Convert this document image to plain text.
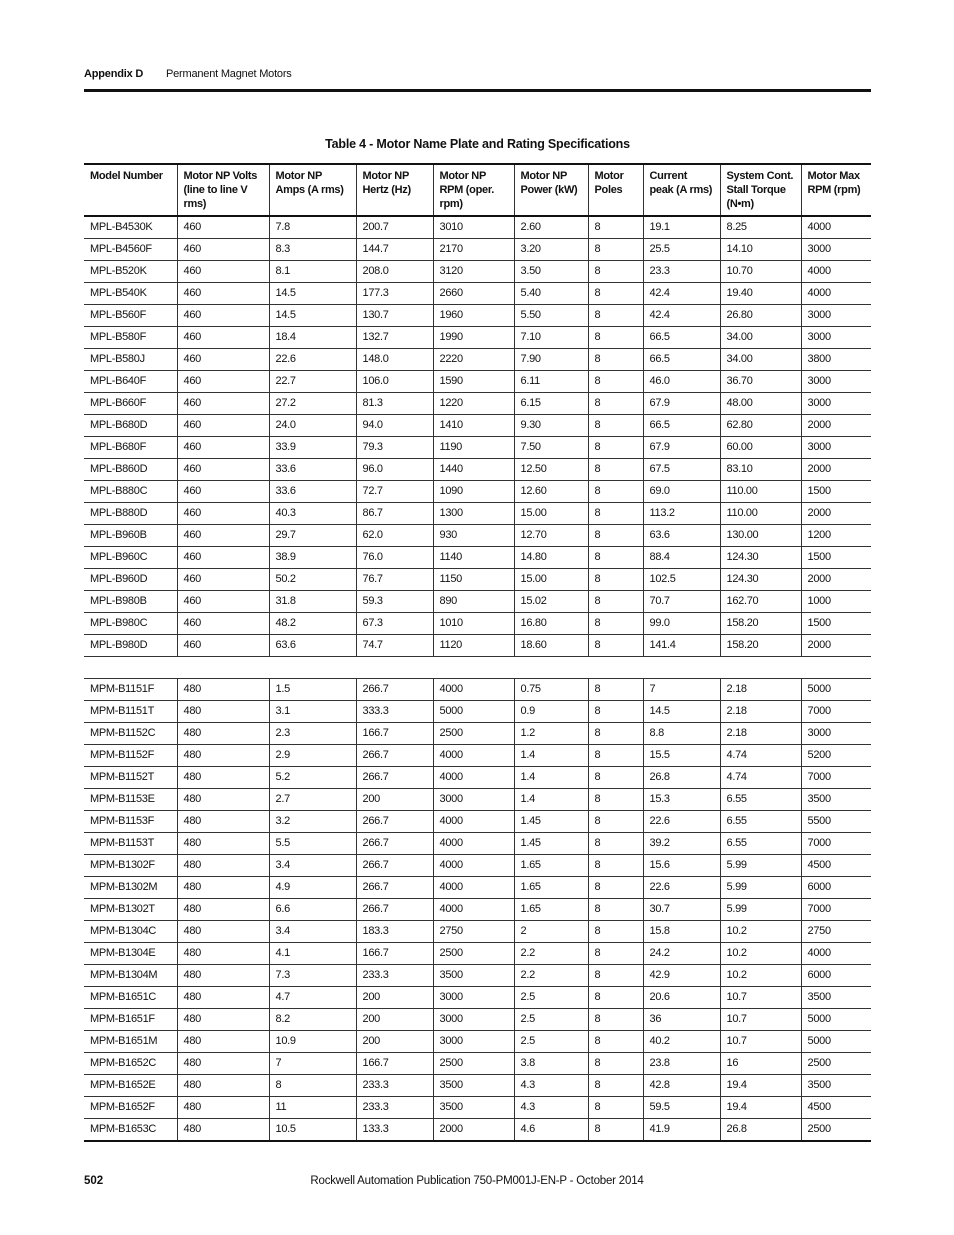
Appendix D Permanent Magnet Motors
Table 4 - Motor Name Plate and Rating Specifications
Model Number	Motor NP Volts (line to line V rms)	Motor NP Amps (A rms)	Motor NP Hertz (Hz)	Motor NP RPM (oper. rpm)	Motor NP Power (kW)	Motor Poles	Current peak (A rms)	System Cont. Stall Torque (N•m)	Motor Max RPM (rpm)
MPL-B4530K	460	7.8	200.7	3010	2.60	8	19.1	8.25	4000
MPL-B4560F	460	8.3	144.7	2170	3.20	8	25.5	14.10	3000
MPL-B520K	460	8.1	208.0	3120	3.50	8	23.3	10.70	4000
MPL-B540K	460	14.5	177.3	2660	5.40	8	42.4	19.40	4000
MPL-B560F	460	14.5	130.7	1960	5.50	8	42.4	26.80	3000
MPL-B580F	460	18.4	132.7	1990	7.10	8	66.5	34.00	3000
MPL-B580J	460	22.6	148.0	2220	7.90	8	66.5	34.00	3800
MPL-B640F	460	22.7	106.0	1590	6.11	8	46.0	36.70	3000
MPL-B660F	460	27.2	81.3	1220	6.15	8	67.9	48.00	3000
MPL-B680D	460	24.0	94.0	1410	9.30	8	66.5	62.80	2000
MPL-B680F	460	33.9	79.3	1190	7.50	8	67.9	60.00	3000
MPL-B860D	460	33.6	96.0	1440	12.50	8	67.5	83.10	2000
MPL-B880C	460	33.6	72.7	1090	12.60	8	69.0	110.00	1500
MPL-B880D	460	40.3	86.7	1300	15.00	8	113.2	110.00	2000
MPL-B960B	460	29.7	62.0	930	12.70	8	63.6	130.00	1200
MPL-B960C	460	38.9	76.0	1140	14.80	8	88.4	124.30	1500
MPL-B960D	460	50.2	76.7	1150	15.00	8	102.5	124.30	2000
MPL-B980B	460	31.8	59.3	890	15.02	8	70.7	162.70	1000
MPL-B980C	460	48.2	67.3	1010	16.80	8	99.0	158.20	1500
MPL-B980D	460	63.6	74.7	1120	18.60	8	141.4	158.20	2000

MPM-B1151F	480	1.5	266.7	4000	0.75	8	7	2.18	5000
MPM-B1151T	480	3.1	333.3	5000	0.9	8	14.5	2.18	7000
MPM-B1152C	480	2.3	166.7	2500	1.2	8	8.8	2.18	3000
MPM-B1152F	480	2.9	266.7	4000	1.4	8	15.5	4.74	5200
MPM-B1152T	480	5.2	266.7	4000	1.4	8	26.8	4.74	7000
MPM-B1153E	480	2.7	200	3000	1.4	8	15.3	6.55	3500
MPM-B1153F	480	3.2	266.7	4000	1.45	8	22.6	6.55	5500
MPM-B1153T	480	5.5	266.7	4000	1.45	8	39.2	6.55	7000
MPM-B1302F	480	3.4	266.7	4000	1.65	8	15.6	5.99	4500
MPM-B1302M	480	4.9	266.7	4000	1.65	8	22.6	5.99	6000
MPM-B1302T	480	6.6	266.7	4000	1.65	8	30.7	5.99	7000
MPM-B1304C	480	3.4	183.3	2750	2	8	15.8	10.2	2750
MPM-B1304E	480	4.1	166.7	2500	2.2	8	24.2	10.2	4000
MPM-B1304M	480	7.3	233.3	3500	2.2	8	42.9	10.2	6000
MPM-B1651C	480	4.7	200	3000	2.5	8	20.6	10.7	3500
MPM-B1651F	480	8.2	200	3000	2.5	8	36	10.7	5000
MPM-B1651M	480	10.9	200	3000	2.5	8	40.2	10.7	5000
MPM-B1652C	480	7	166.7	2500	3.8	8	23.8	16	2500
MPM-B1652E	480	8	233.3	3500	4.3	8	42.8	19.4	3500
MPM-B1652F	480	11	233.3	3500	4.3	8	59.5	19.4	4500
MPM-B1653C	480	10.5	133.3	2000	4.6	8	41.9	26.8	2500
502	Rockwell Automation Publication 750-PM001J-EN-P - October 2014
